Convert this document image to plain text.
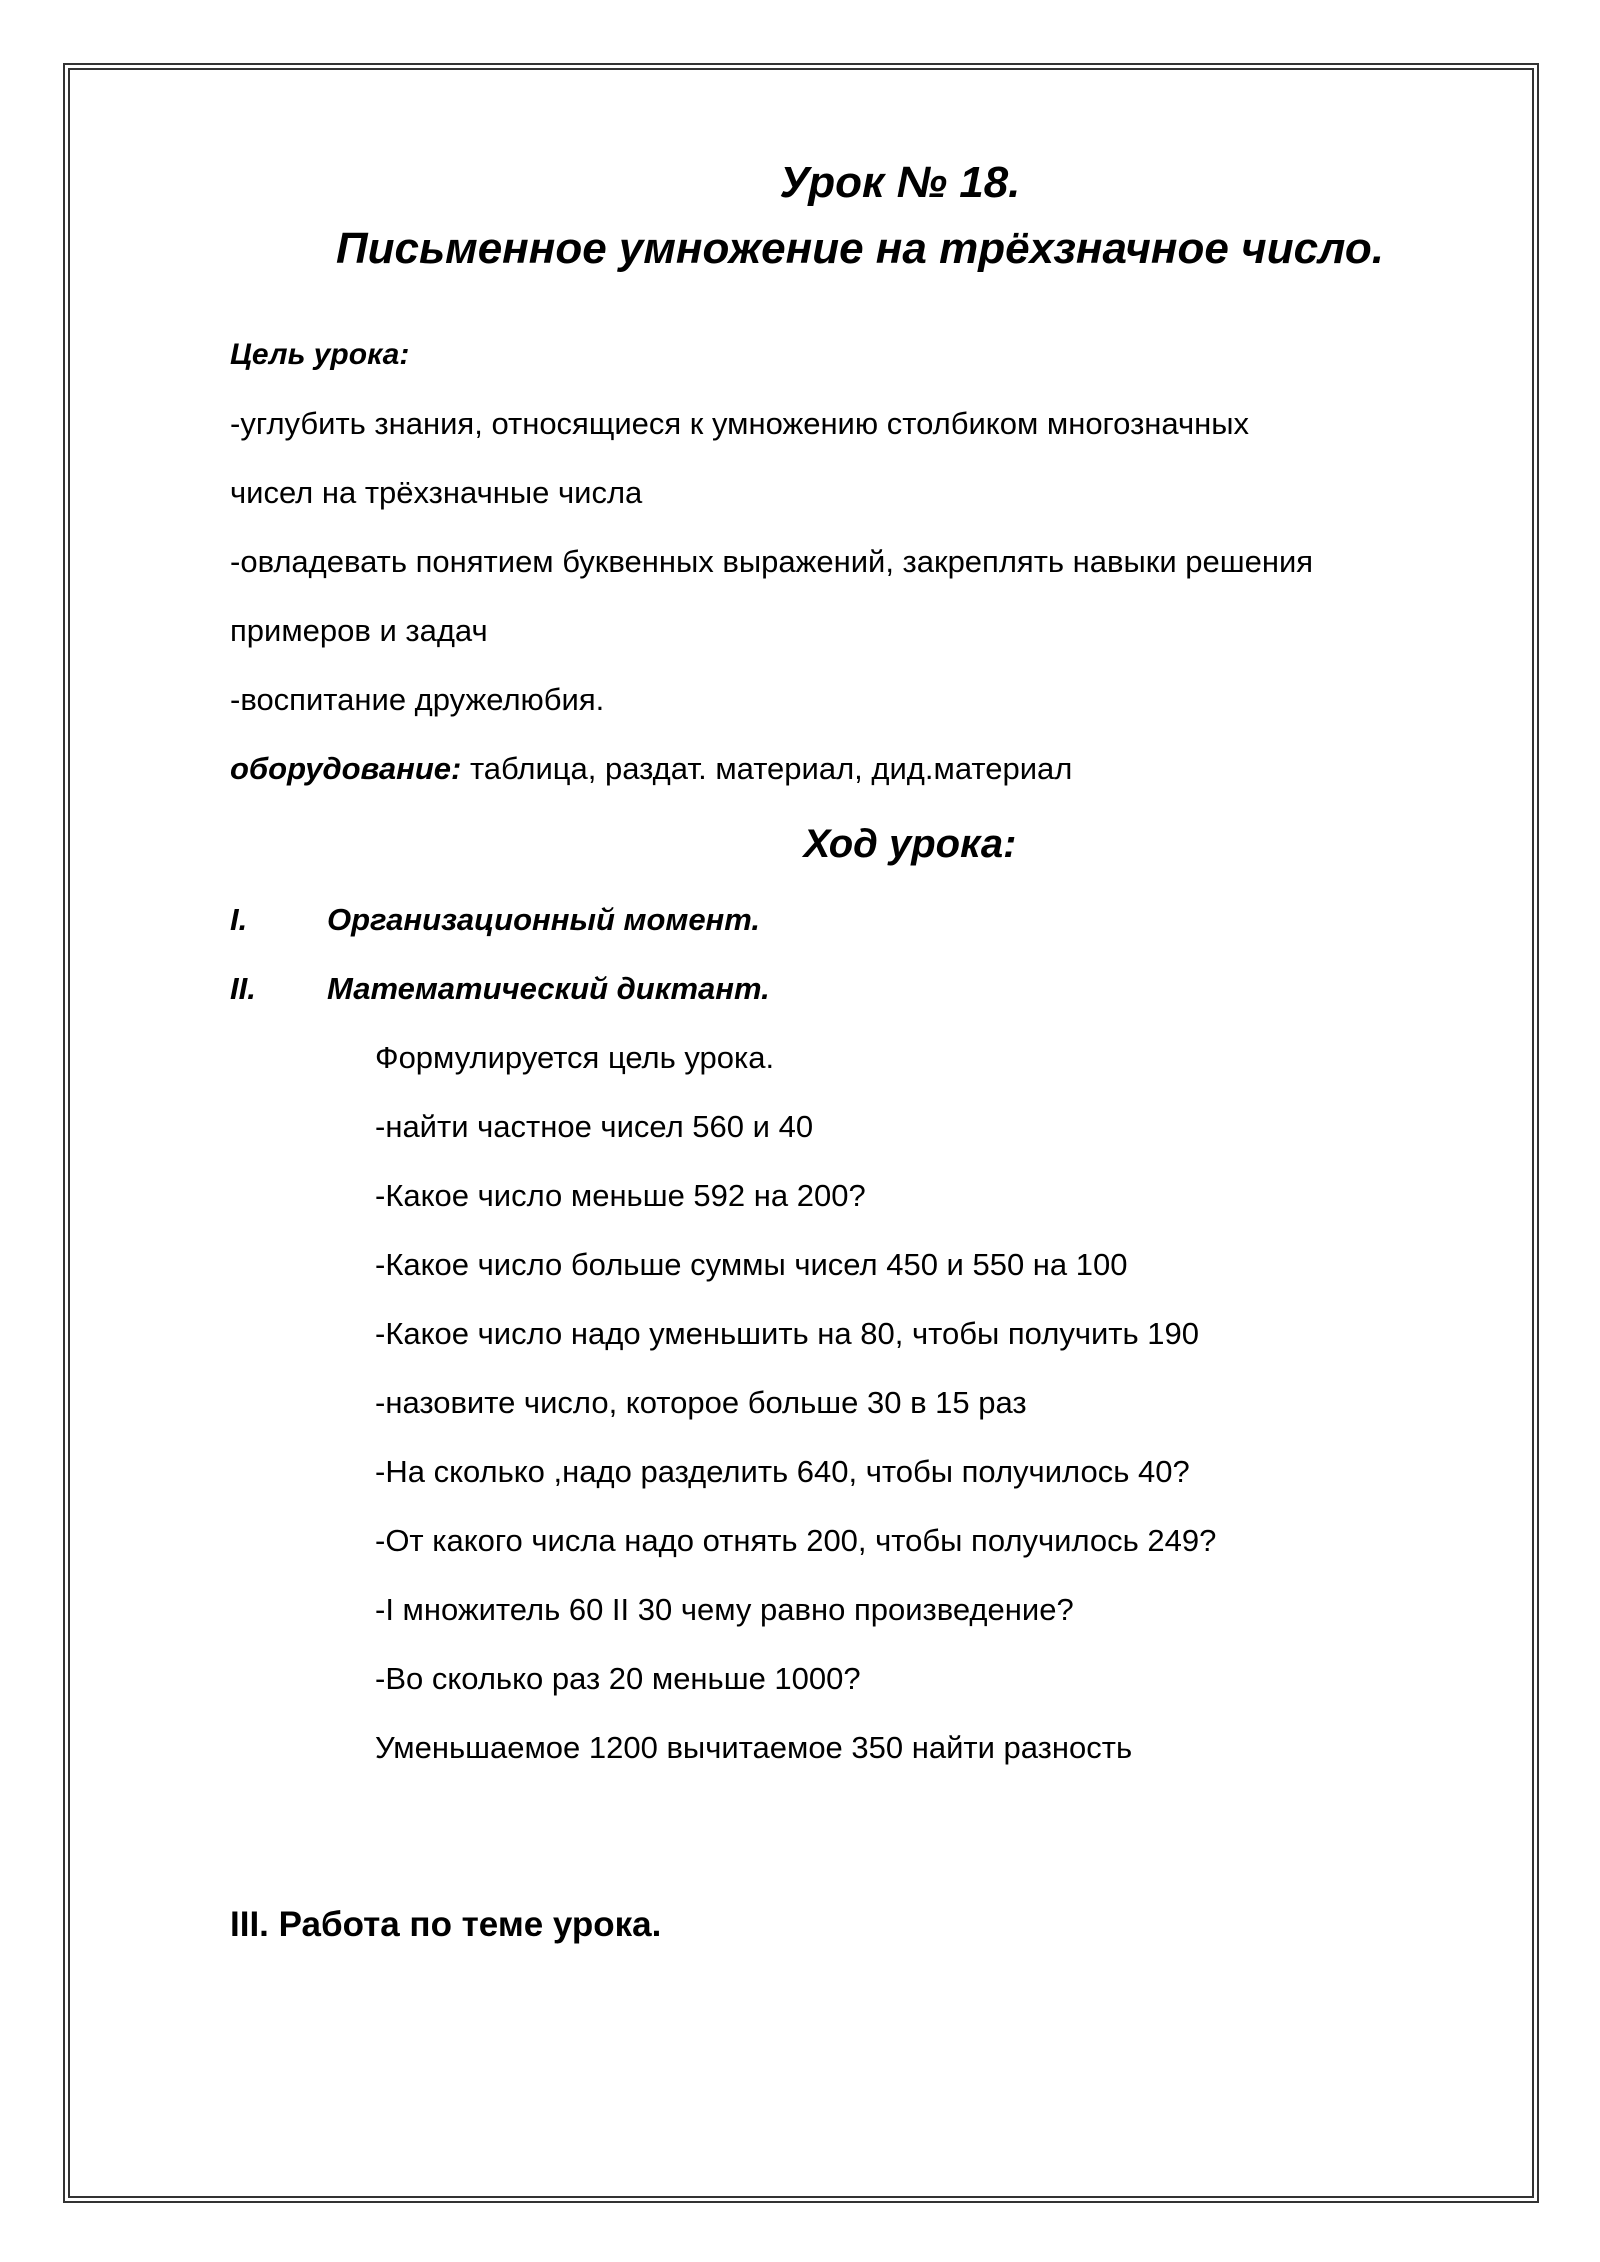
Урок № 18.
Письменное умножение на трёхзначное число.
Цель урока:
-углубить знания, относящиеся к умножению столбиком многозначных
чисел на трёхзначные числа
-овладевать понятием буквенных выражений, закреплять навыки решения
примеров и задач
-воспитание дружелюбия.
оборудование: таблица, раздат. материал, дид.материал
Ход урока:
I.	Организационный момент.
II. Математический диктант.
Формулируется цель урока.
-найти частное чисел 560 и 40
-Какое число меньше 592 на 200?
-Какое число больше суммы чисел 450 и 550 на 100
-Какое число надо уменьшить на 80, чтобы получить 190
-назовите число, которое больше 30 в 15 раз
-На сколько ,надо разделить 640, чтобы получилось 40?
-От какого числа надо отнять 200, чтобы получилось 249?
-I множитель 60 II 30 чему равно произведение?
-Во сколько раз 20 меньше 1000?
Уменьшаемое 1200 вычитаемое 350 найти разность
III. Работа по теме урока.
